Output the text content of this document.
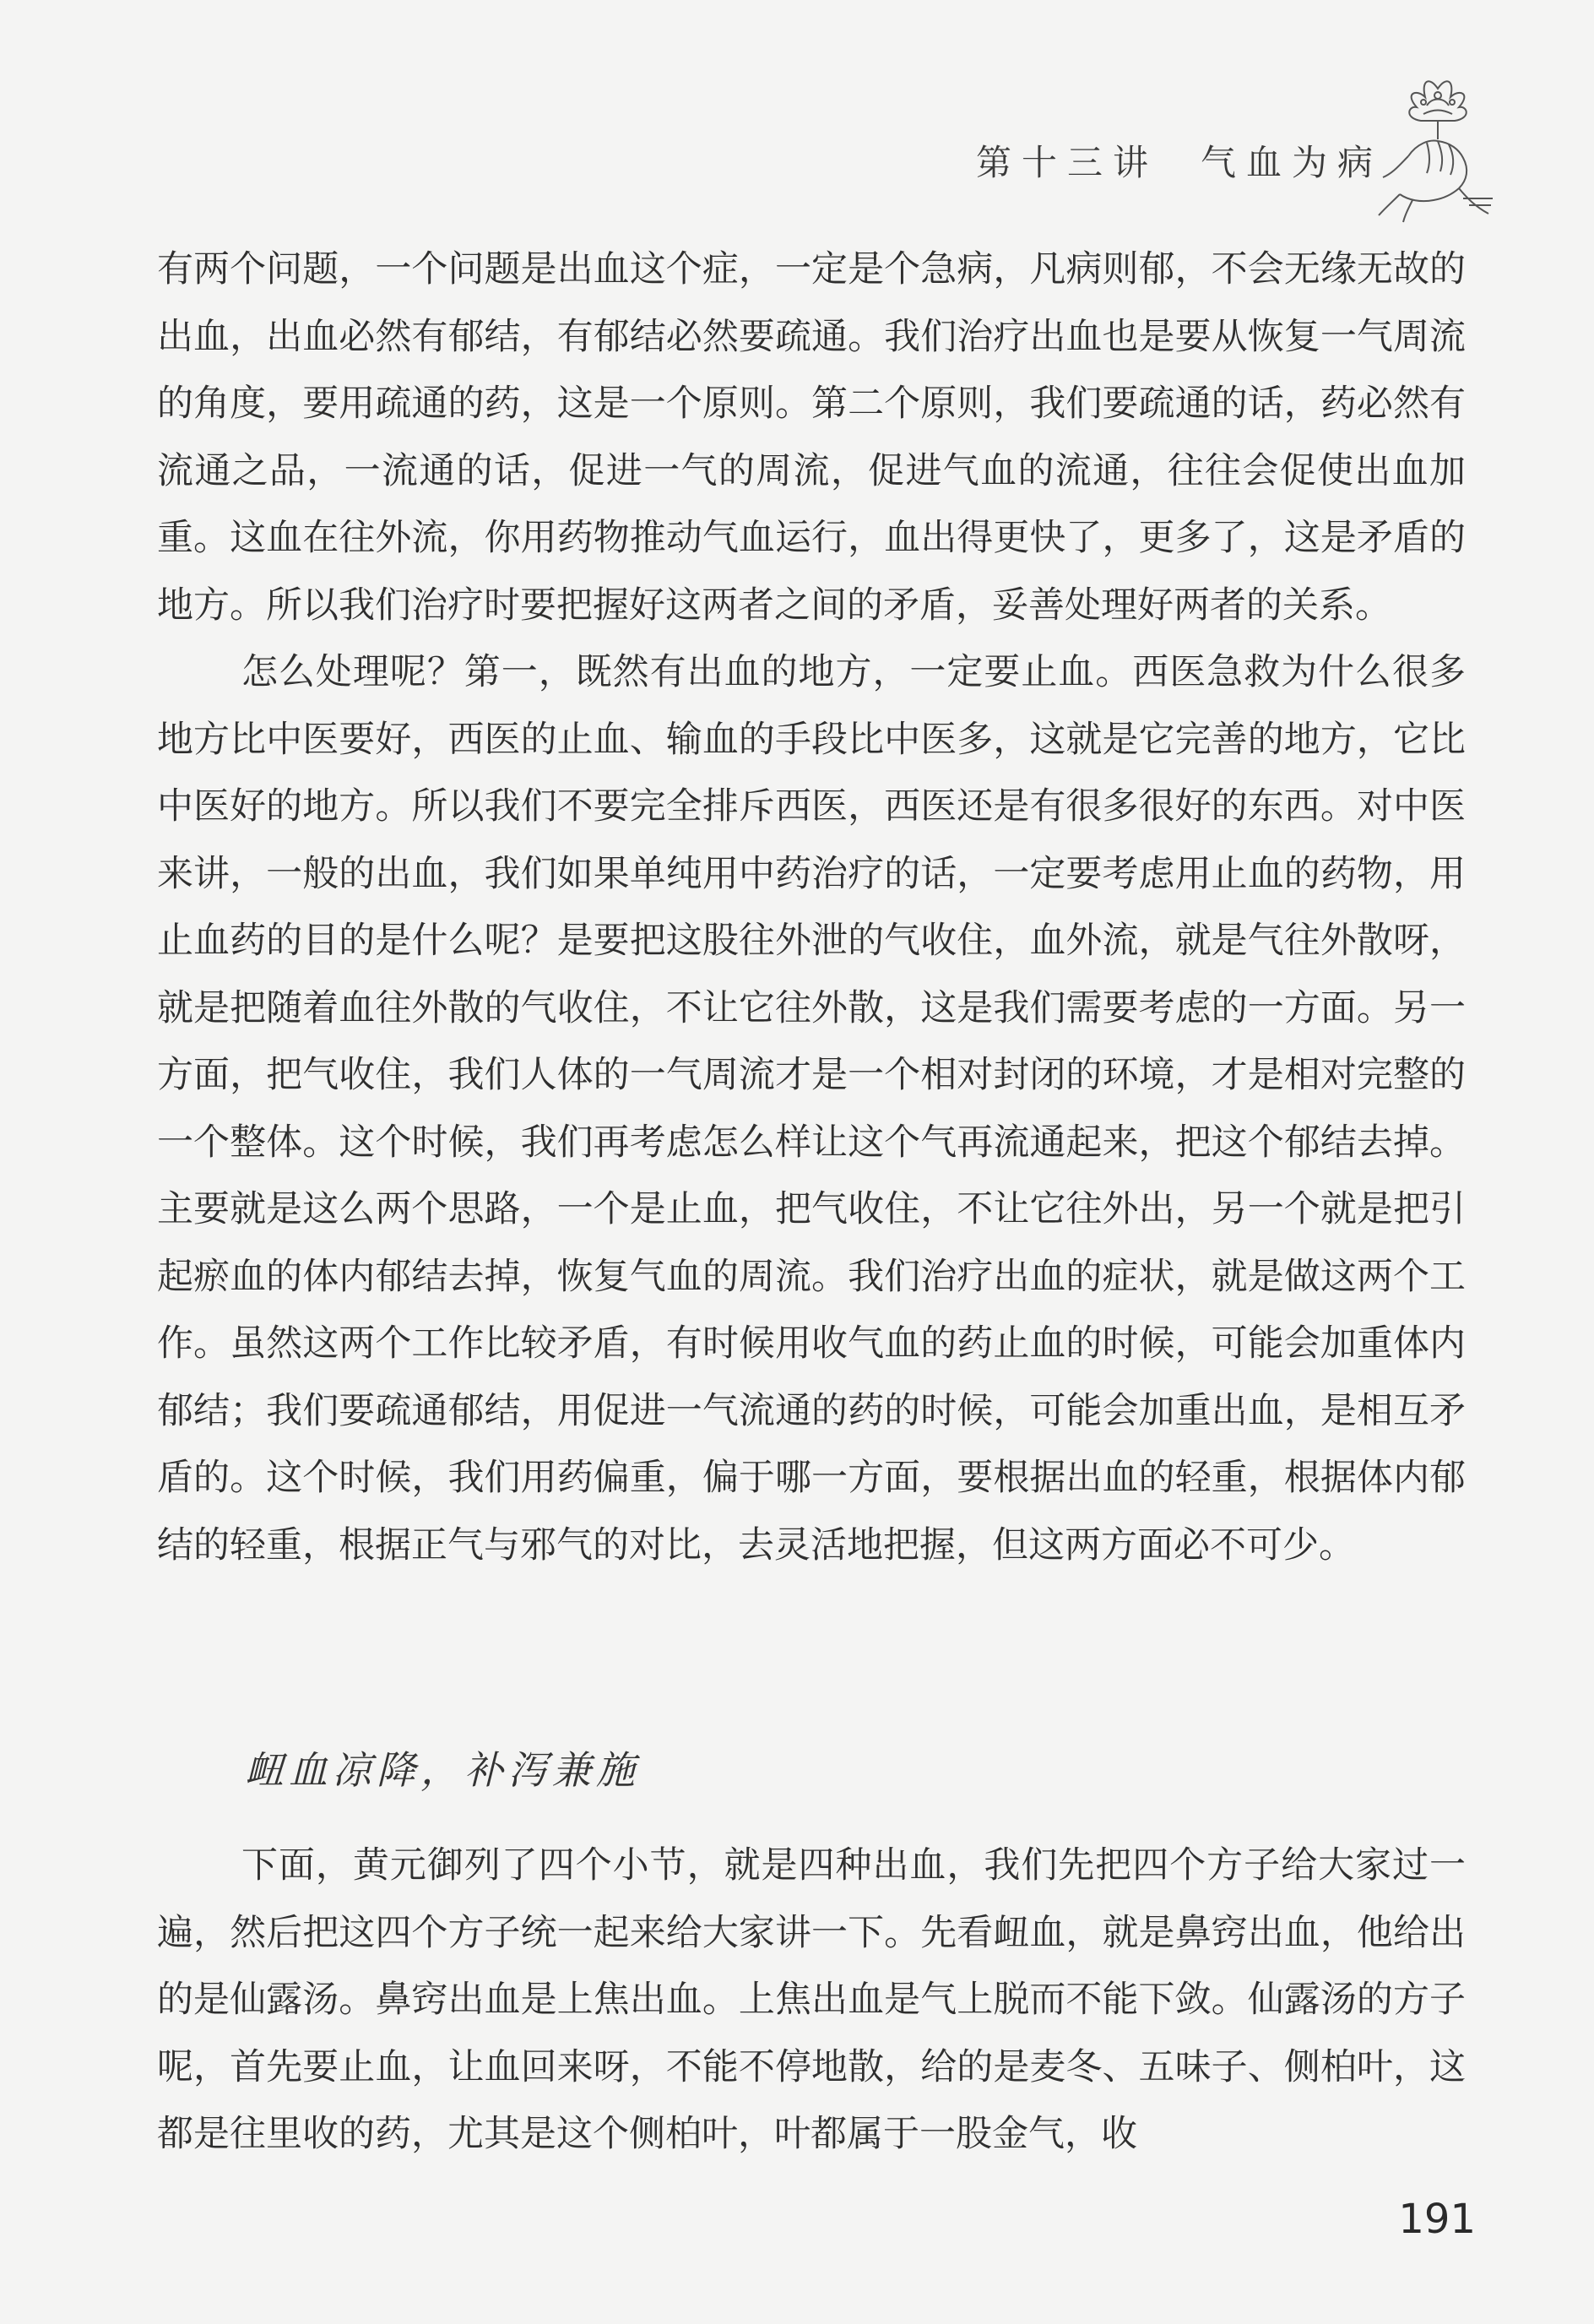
第十三讲 气血为病

有两个问题，一个问题是出血这个症，一定是个急病，凡病则郁，不会无缘无故的出血，出血必然有郁结，有郁结必然要疏通。我们治疗出血也是要从恢复一气周流的角度，要用疏通的药，这是一个原则。第二个原则，我们要疏通的话，药必然有流通之品，一流通的话，促进一气的周流，促进气血的流通，往往会促使出血加重。这血在往外流，你用药物推动气血运行，血出得更快了，更多了，这是矛盾的地方。所以我们治疗时要把握好这两者之间的矛盾，妥善处理好两者的关系。

怎么处理呢？第一，既然有出血的地方，一定要止血。西医急救为什么很多地方比中医要好，西医的止血、输血的手段比中医多，这就是它完善的地方，它比中医好的地方。所以我们不要完全排斥西医，西医还是有很多很好的东西。对中医来讲，一般的出血，我们如果单纯用中药治疗的话，一定要考虑用止血的药物，用止血药的目的是什么呢？是要把这股往外泄的气收住，血外流，就是气往外散呀，就是把随着血往外散的气收住，不让它往外散，这是我们需要考虑的一方面。另一方面，把气收住，我们人体的一气周流才是一个相对封闭的环境，才是相对完整的一个整体。这个时候，我们再考虑怎么样让这个气再流通起来，把这个郁结去掉。主要就是这么两个思路，一个是止血，把气收住，不让它往外出，另一个就是把引起瘀血的体内郁结去掉，恢复气血的周流。我们治疗出血的症状，就是做这两个工作。虽然这两个工作比较矛盾，有时候用收气血的药止血的时候，可能会加重体内郁结；我们要疏通郁结，用促进一气流通的药的时候，可能会加重出血，是相互矛盾的。这个时候，我们用药偏重，偏于哪一方面，要根据出血的轻重，根据体内郁结的轻重，根据正气与邪气的对比，去灵活地把握，但这两方面必不可少。

衄血凉降，补泻兼施

下面，黄元御列了四个小节，就是四种出血，我们先把四个方子给大家过一遍，然后把这四个方子统一起来给大家讲一下。先看衄血，就是鼻窍出血，他给出的是仙露汤。鼻窍出血是上焦出血。上焦出血是气上脱而不能下敛。仙露汤的方子呢，首先要止血，让血回来呀，不能不停地散，给的是麦冬、五味子、侧柏叶，这都是往里收的药，尤其是这个侧柏叶，叶都属于一股金气，收

191
